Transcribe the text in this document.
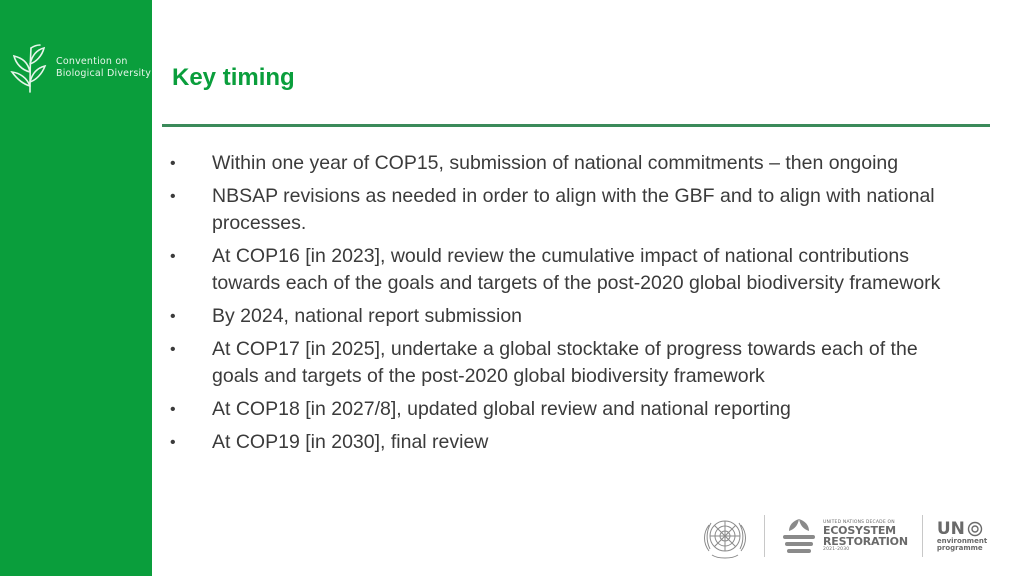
Convention on
Biological Diversity Key timing
• Within one year of COP15, submission of national commitments – then ongoing
• NBSAP revisions as needed in order to align with the GBF and to align with national processes.
• At COP16 [in 2023], would review the cumulative impact of national contributions towards each of the goals and targets of the post-2020 global biodiversity framework
• By 2024, national report submission
• At COP17 [in 2025], undertake a global stocktake of progress towards each of the goals and targets of the post-2020 global biodiversity framework
• At COP18 [in 2027/8], updated global review and national reporting
• At COP19 [in 2030], final review
UNITED NATIONS DECADE ON
ECOSYSTEM
RESTORATION
2021-2030
UN
environment
programme
